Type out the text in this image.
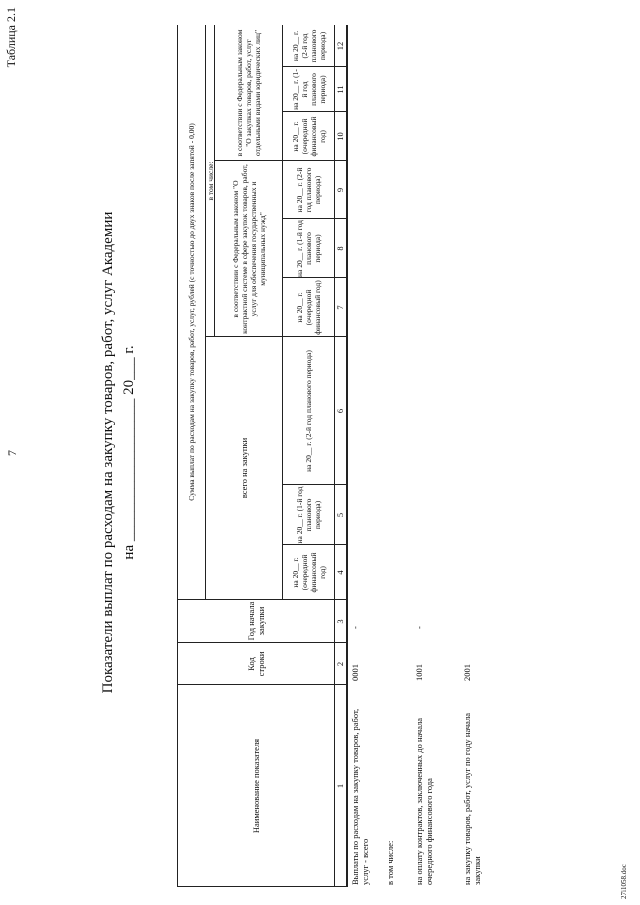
7
Таблица 2.1
Показатели выплат по расходам на закупку товаров, работ, услуг Академии на ___________________ 20___ г.
Наименование показателя
Код строки
Год начала закупки
Сумма выплат по расходам на закупку товаров, работ, услуг, рублей (с точностью до двух знаков после запятой - 0,00)	всего на закупки
в том числе:	в соответствии с Федеральным законом "О контрактной системе в сфере закупок товаров, работ, услуг для обеспечения государственных и муниципальных нужд"
в соответствии с Федеральным законом "О закупках товаров, работ, услуг отдельными видами юридических лиц"
на 20__ г. (очередной финансовый год)
на 20__ г. (1-й год планового периода)
на 20__ г. (2-й год планового периода)
на 20__ г. (очередной финансовый год)
на 20__ г. (1-й год планового периода)
на 20__ г. (2-й год планового периода)
на 20__ г. (очередной финансовый год)
на 20__ г. (1-й год планового периода)
на 20__ г. (2-й год планового периода)
1
2
3
4
5
6
7
8
9
10
11
12
Выплаты по расходам на закупку товаров, работ, услуг - всего
0001
-
в том числе: на оплату контрактов, заключенных до начала очередного финансового года
1001
-
на закупку товаров, работ, услуг по году начала закупки
2001
27i1058.doc
